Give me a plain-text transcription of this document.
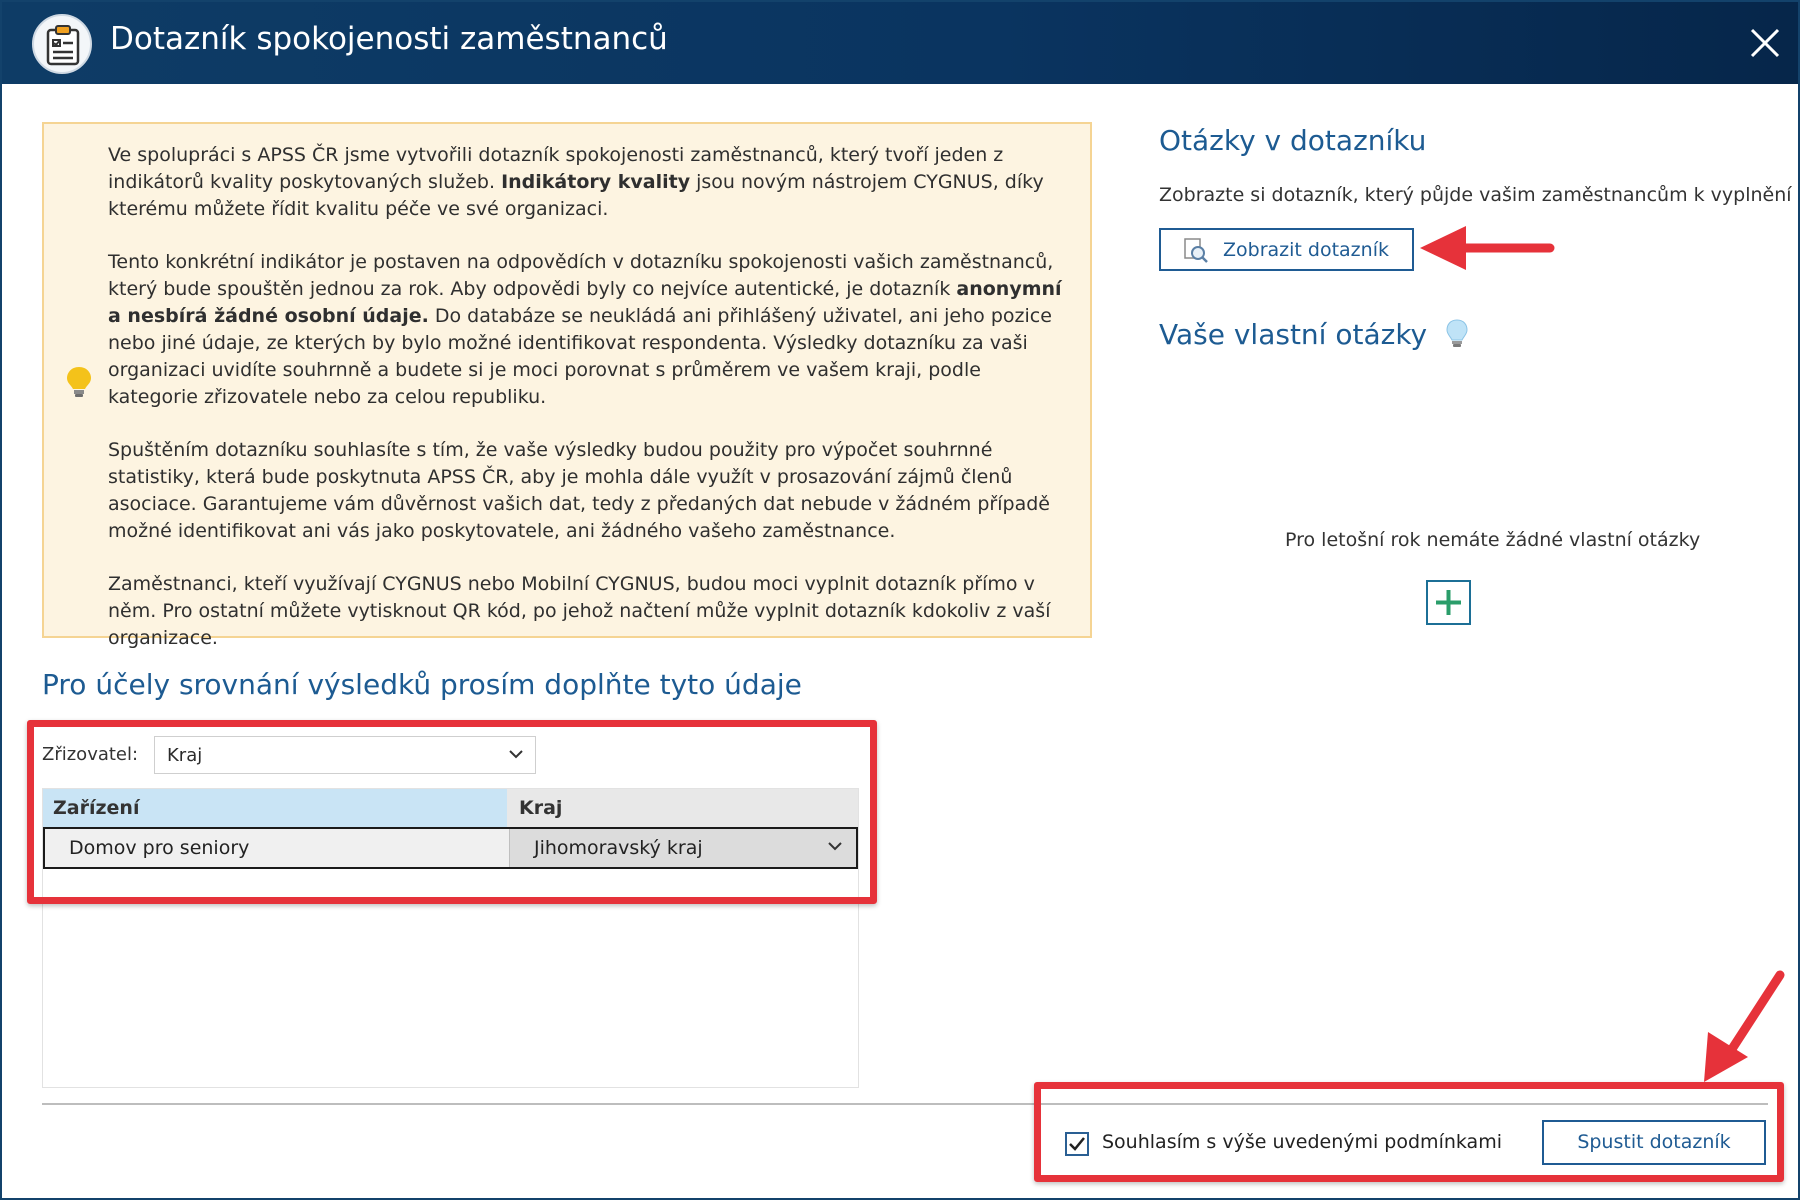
Dotazník spokojenosti zaměstnanců

Ve spolupráci s APSS ČR jsme vytvořili dotazník spokojenosti zaměstnanců, který tvoří jeden z indikátorů kvality poskytovaných služeb. Indikátory kvality jsou novým nástrojem CYGNUS, díky kterému můžete řídit kvalitu péče ve své organizaci.

Tento konkrétní indikátor je postaven na odpovědích v dotazníku spokojenosti vašich zaměstnanců, který bude spouštěn jednou za rok. Aby odpovědi byly co nejvíce autentické, je dotazník anonymní a nesbírá žádné osobní údaje. Do databáze se neukládá ani přihlášený uživatel, ani jeho pozice nebo jiné údaje, ze kterých by bylo možné identifikovat respondenta. Výsledky dotazníku za vaši organizaci uvidíte souhrnně a budete si je moci porovnat s průměrem ve vašem kraji, podle kategorie zřizovatele nebo za celou republiku.

Spuštěním dotazníku souhlasíte s tím, že vaše výsledky budou použity pro výpočet souhrnné statistiky, která bude poskytnuta APSS ČR, aby je mohla dále využít v prosazování zájmů členů asociace. Garantujeme vám důvěrnost vašich dat, tedy z předaných dat nebude v žádném případě možné identifikovat ani vás jako poskytovatele, ani žádného vašeho zaměstnance.

Zaměstnanci, kteří využívají CYGNUS nebo Mobilní CYGNUS, budou moci vyplnit dotazník přímo v něm. Pro ostatní můžete vytisknout QR kód, po jehož načtení může vyplnit dotazník kdokoliv z vaší organizace.

Otázky v dotazníku
Zobrazte si dotazník, který půjde vašim zaměstnancům k vyplnění
Zobrazit dotazník
Vaše vlastní otázky
Pro letošní rok nemáte žádné vlastní otázky
Pro účely srovnání výsledků prosím doplňte tyto údaje
Zřizovatel: Kraj
Zařízení	Kraj
Domov pro seniory	Jihomoravský kraj
Souhlasím s výše uvedenými podmínkami	Spustit dotazník
